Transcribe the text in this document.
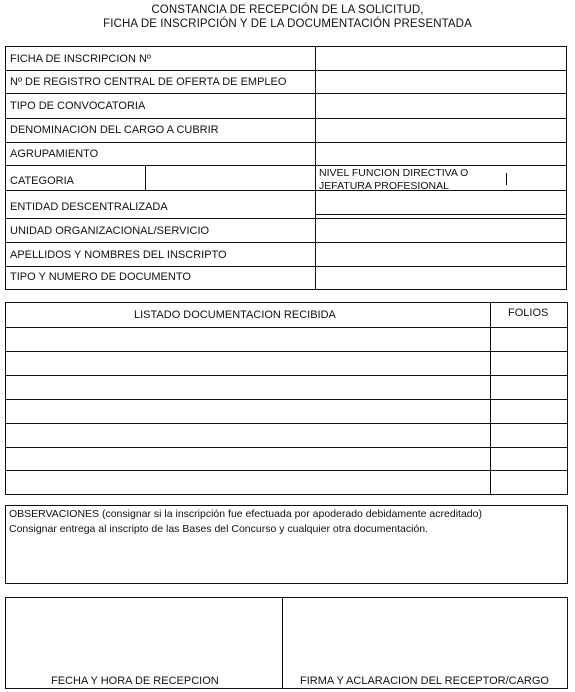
CONSTANCIA DE RECEPCIÓN DE LA SOLICITUD,
FICHA DE INSCRIPCIÓN Y DE LA DOCUMENTACIÓN PRESENTADA
FICHA DE INSCRIPCION Nº
Nº DE REGISTRO CENTRAL DE OFERTA DE EMPLEO
TIPO DE CONVOCATORIA
DENOMINACION DEL CARGO A CUBRIR
AGRUPAMIENTO
CATEGORIA
NIVEL FUNCION DIRECTIVA O
JEFATURA PROFESIONAL
ENTIDAD DESCENTRALIZADA
UNIDAD ORGANIZACIONAL/SERVICIO
APELLIDOS Y NOMBRES DEL INSCRIPTO
TIPO Y NUMERO DE DOCUMENTO
LISTADO DOCUMENTACION RECIBIDA	FOLIOS
OBSERVACIONES (consignar si la inscripción fue efectuada por apoderado debidamente acreditado)
Consignar entrega al inscripto de las Bases del Concurso y cualquier otra documentación.
FECHA Y HORA DE RECEPCION	FIRMA Y ACLARACION DEL RECEPTOR/CARGO
